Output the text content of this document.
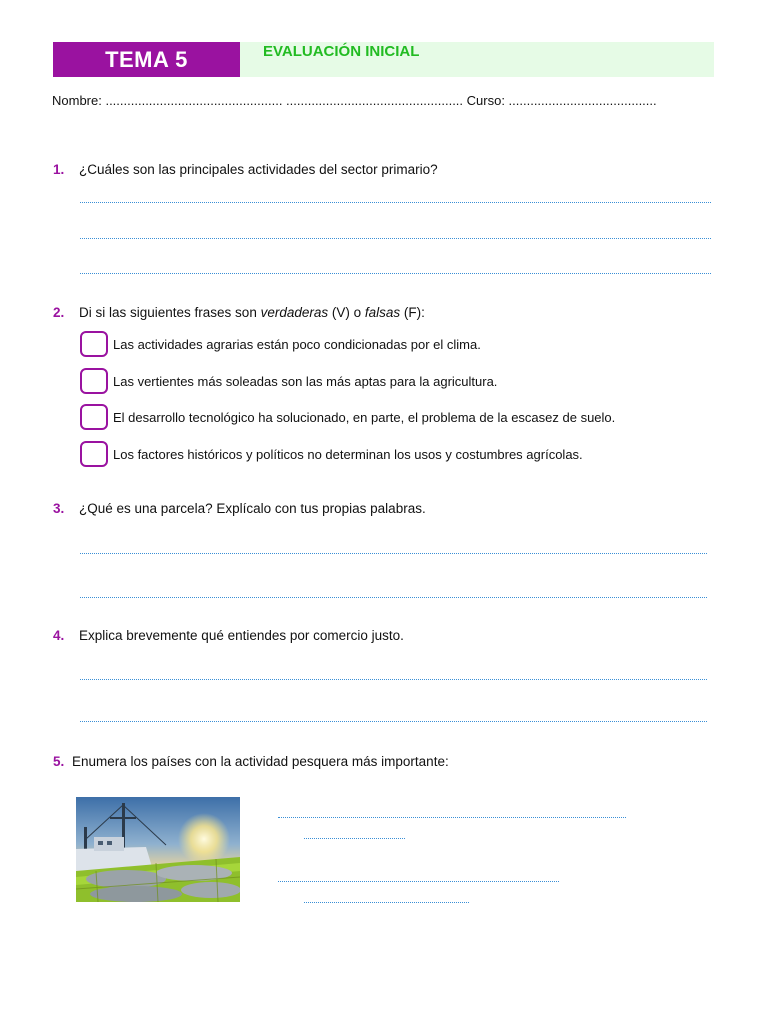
TEMA 5	EVALUACIÓN INICIAL
Nombre: ................................................. ................................................. Curso: .........................................
1. ¿Cuáles son las principales actividades del sector primario?
2. Di si las siguientes frases son verdaderas (V) o falsas (F):
Las actividades agrarias están poco condicionadas por el clima.
Las vertientes más soleadas son las más aptas para la agricultura.
El desarrollo tecnológico ha solucionado, en parte, el problema de la escasez de suelo.
Los factores históricos y políticos no determinan los usos y costumbres agrícolas.
3. ¿Qué es una parcela? Explícalo con tus propias palabras.
4. Explica brevemente qué entiendes por comercio justo.
5. Enumera los países con la actividad pesquera más importante:
